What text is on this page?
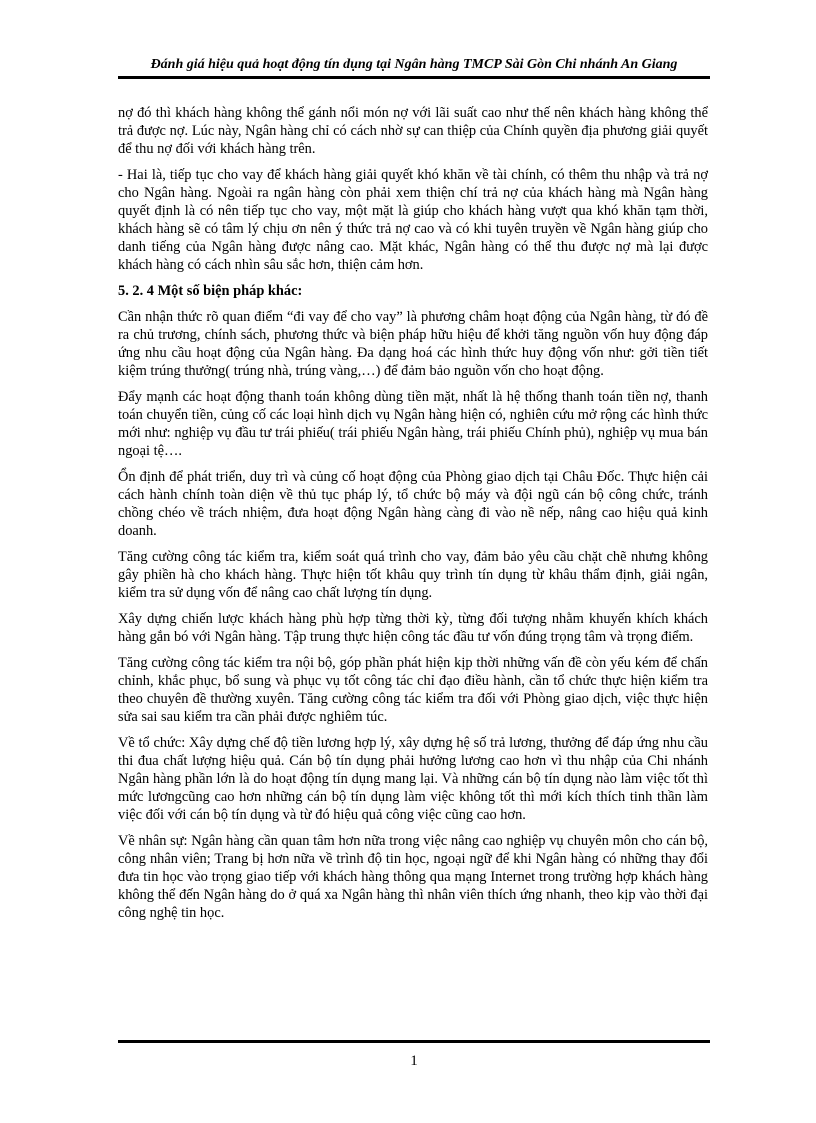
Đánh giá hiệu quả hoạt động tín dụng tại Ngân hàng TMCP Sài Gòn Chi nhánh An Giang

nợ đó thì khách hàng không thể gánh nổi món nợ với lãi suất cao như thế nên khách hàng không thể trả được nợ. Lúc này, Ngân hàng chỉ có cách nhờ sự can thiệp của Chính quyền địa phương giải quyết để thu nợ đối với khách hàng trên.

- Hai là, tiếp tục cho vay để khách hàng giải quyết khó khăn về tài chính, có thêm thu nhập và trả nợ cho Ngân hàng. Ngoài ra ngân hàng còn phải xem thiện chí trả nợ của khách hàng mà Ngân hàng quyết định là có nên tiếp tục cho vay, một mặt là giúp cho khách hàng vượt qua khó khăn tạm thời, khách hàng sẽ có tâm lý chịu ơn nên ý thức trả nợ cao và có khi tuyên truyền về Ngân hàng giúp cho danh tiếng của Ngân hàng được nâng cao. Mặt khác, Ngân hàng có thể thu được nợ mà lại được khách hàng có cách nhìn sâu sắc hơn, thiện cảm hơn.

5. 2. 4 Một số biện pháp khác:

Cần nhận thức rõ quan điểm “đi vay để cho vay” là phương châm hoạt động của Ngân hàng, từ đó đề ra chủ trương, chính sách, phương thức và biện pháp hữu hiệu để khởi tăng nguồn vốn huy động đáp ứng nhu cầu hoạt động của Ngân hàng. Đa dạng hoá các hình thức huy động vốn như: gởi tiền tiết kiệm trúng thưởng( trúng nhà, trúng vàng,…) để đảm bảo nguồn vốn cho hoạt động.

Đẩy mạnh các hoạt động thanh toán không dùng tiền mặt, nhất là hệ thống thanh toán tiền nợ, thanh toán chuyển tiền, củng cố các loại hình dịch vụ Ngân hàng hiện có, nghiên cứu mở rộng các hình thức mới như: nghiệp vụ đầu tư trái phiếu( trái phiếu Ngân hàng, trái phiếu Chính phủ), nghiệp vụ mua bán ngoại tệ….

Ổn định để phát triển, duy trì và củng cố hoạt động của Phòng giao dịch tại Châu Đốc. Thực hiện cải cách hành chính toàn diện về thủ tục pháp lý, tổ chức bộ máy và đội ngũ cán bộ công chức, tránh chồng chéo về trách nhiệm, đưa hoạt động Ngân hàng càng đi vào nề nếp, nâng cao hiệu quả kinh doanh.

Tăng cường công tác kiểm tra, kiểm soát quá trình cho vay, đảm bảo yêu cầu chặt chẽ nhưng không gây phiền hà cho khách hàng. Thực hiện tốt khâu quy trình tín dụng từ khâu thẩm định, giải ngân, kiểm tra sử dụng vốn để nâng cao chất lượng tín dụng.

Xây dựng chiến lược khách hàng phù hợp từng thời kỳ, từng đối tượng nhằm khuyến khích khách hàng gắn bó với Ngân hàng. Tập trung thực hiện công tác đầu tư vốn đúng trọng tâm và trọng điểm.

Tăng cường công tác kiểm tra nội bộ, góp phần phát hiện kịp thời những vấn đề còn yếu kém để chấn chỉnh, khắc phục, bổ sung và phục vụ tốt công tác chỉ đạo điều hành, cần tổ chức thực hiện kiểm tra theo chuyên đề thường xuyên. Tăng cường công tác kiểm tra đối với Phòng giao dịch, việc thực hiện sửa sai sau kiểm tra cần phải được nghiêm túc.

Về tổ chức: Xây dựng chế độ tiền lương hợp lý, xây dựng hệ số trả lương, thưởng để đáp ứng nhu cầu thi đua chất lượng hiệu quả. Cán bộ tín dụng phải hưởng lương cao hơn vì thu nhập của Chi nhánh Ngân hàng phần lớn là do hoạt động tín dụng mang lại. Và những cán bộ tín dụng nào làm việc tốt thì mức lươngcũng cao hơn những cán bộ tín dụng làm việc không tốt thì mới kích thích tinh thần làm việc đối với cán bộ tín dụng và từ đó hiệu quả công việc cũng cao hơn.

Về nhân sự: Ngân hàng cần quan tâm hơn nữa trong việc nâng cao nghiệp vụ chuyên môn cho cán bộ, công nhân viên; Trang bị hơn nữa về trình độ tin học, ngoại ngữ để khi Ngân hàng có những thay đổi đưa tin học vào trọng giao tiếp với khách hàng thông qua mạng Internet trong trường hợp khách hàng không thể đến Ngân hàng do ở quá xa Ngân hàng thì nhân viên thích ứng nhanh, theo kịp vào thời đại công nghệ tin học.

1
